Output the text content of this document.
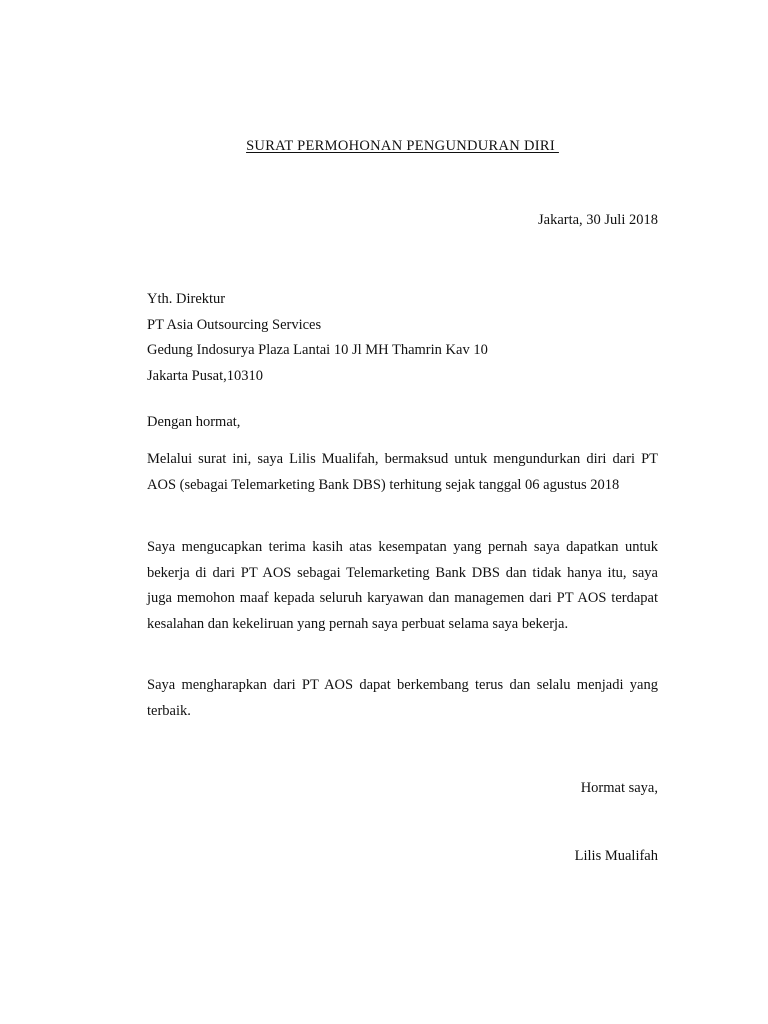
SURAT PERMOHONAN PENGUNDURAN DIRI
Jakarta, 30 Juli 2018
Yth. Direktur
PT Asia Outsourcing Services
Gedung Indosurya Plaza Lantai 10 Jl MH Thamrin Kav 10
Jakarta Pusat,10310
Dengan hormat,

Melalui surat ini, saya Lilis Mualifah, bermaksud untuk mengundurkan diri dari PT AOS (sebagai Telemarketing Bank DBS) terhitung sejak tanggal 06 agustus 2018

Saya mengucapkan terima kasih atas kesempatan yang pernah saya dapatkan untuk bekerja di dari PT AOS sebagai Telemarketing Bank DBS dan tidak hanya itu, saya juga memohon maaf kepada seluruh karyawan dan managemen dari PT AOS terdapat kesalahan dan kekeliruan yang pernah saya perbuat selama saya bekerja.

Saya mengharapkan dari PT AOS dapat berkembang terus dan selalu menjadi yang terbaik.

Hormat saya,
Lilis Mualifah
